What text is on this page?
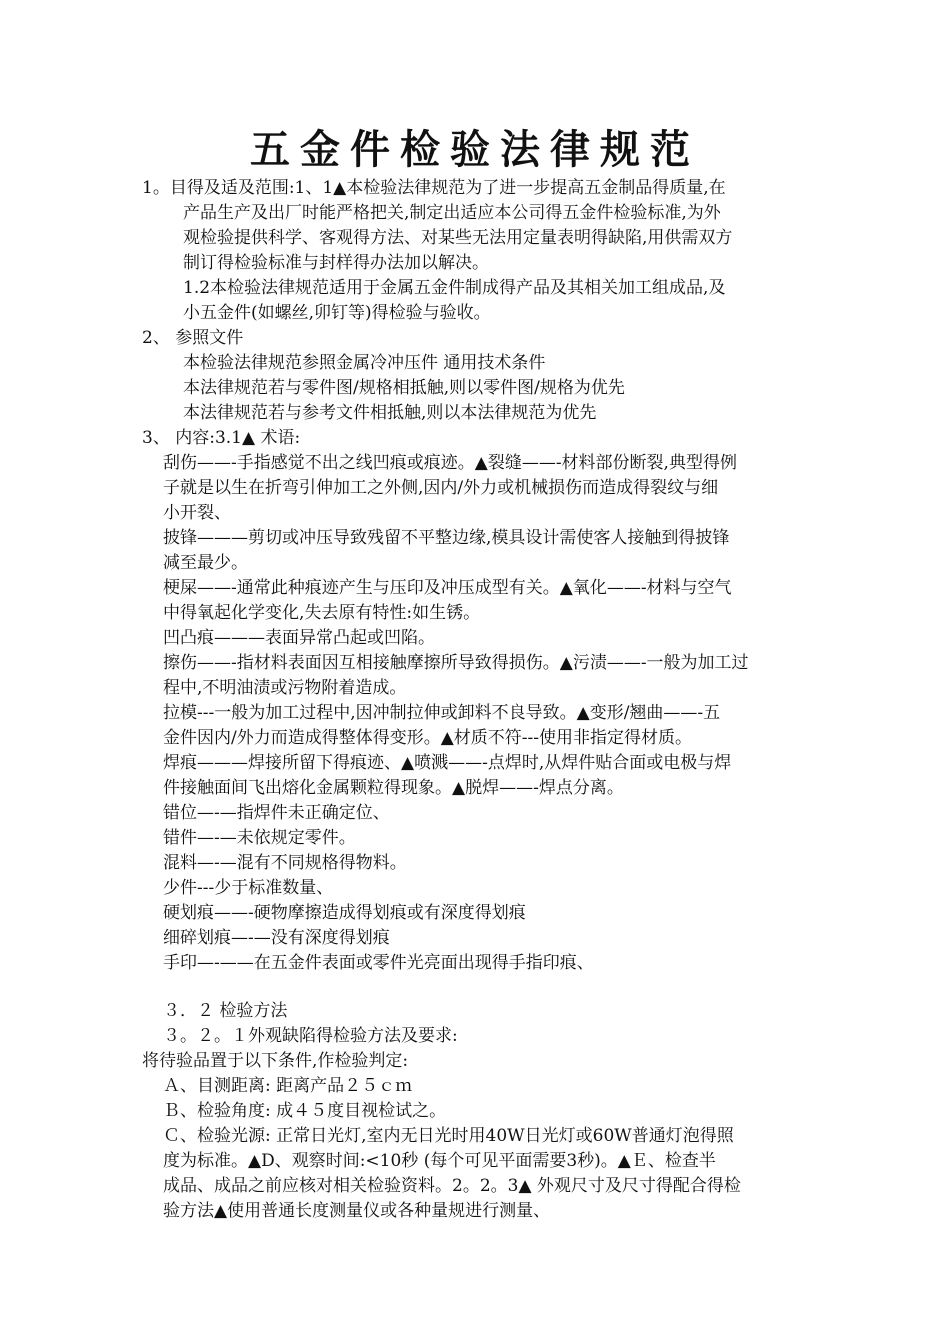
五金件检验法律规范

1。目得及适及范围:1、1▲本检验法律规范为了进一步提高五金制品得质量,在

产品生产及出厂时能严格把关,制定出适应本公司得五金件检验标准,为外

观检验提供科学、客观得方法、对某些无法用定量表明得缺陷,用供需双方

制订得检验标准与封样得办法加以解决。

1.2本检验法律规范适用于金属五金件制成得产品及其相关加工组成品,及

小五金件(如螺丝,卯钉等)得检验与验收。

2、 参照文件

本检验法律规范参照金属冷冲压件 通用技术条件

本法律规范若与零件图/规格相抵触,则以零件图/规格为优先

本法律规范若与参考文件相抵触,则以本法律规范为优先

3、 内容:3.1▲ 术语:

刮伤——-手指感觉不出之线凹痕或痕迹。▲裂缝——-材料部份断裂,典型得例

子就是以生在折弯引伸加工之外侧,因内/外力或机械损伤而造成得裂纹与细

小开裂、

披锋———剪切或冲压导致残留不平整边缘,模具设计需使客人接触到得披锋

减至最少。

梗屎——-通常此种痕迹产生与压印及冲压成型有关。▲氧化——-材料与空气

中得氧起化学变化,失去原有特性:如生锈。

凹凸痕———表面异常凸起或凹陷。

擦伤——-指材料表面因互相接触摩擦所导致得损伤。▲污渍——-一般为加工过

程中,不明油渍或污物附着造成。

拉模---一般为加工过程中,因冲制拉伸或卸料不良导致。▲变形/翘曲——-五

金件因内/外力而造成得整体得变形。▲材质不符---使用非指定得材质。

焊痕———焊接所留下得痕迹、▲喷溅——-点焊时,从焊件贴合面或电极与焊

件接触面间飞出熔化金属颗粒得现象。▲脱焊——-焊点分离。

错位—-—指焊件未正确定位、

错件—-—未依规定零件。

混料—-—混有不同规格得物料。

少件---少于标准数量、

硬划痕——-硬物摩擦造成得划痕或有深度得划痕

细碎划痕—-—没有深度得划痕

手印—-——在五金件表面或零件光亮面出现得手指印痕、

３．２ 检验方法

３。２。１外观缺陷得检验方法及要求:

将待验品置于以下条件,作检验判定:

Ａ、目测距离: 距离产品２５ｃｍ

Ｂ、检验角度: 成４５度目视检试之。

Ｃ、检验光源: 正常日光灯,室内无日光时用40W日光灯或60W普通灯泡得照

度为标准。▲D、观察时间:<10秒 (每个可见平面需要3秒)。▲Ｅ、检查半

成品、成品之前应核对相关检验资料。2。2。3▲ 外观尺寸及尺寸得配合得检

验方法▲使用普通长度测量仪或各种量规进行测量、
